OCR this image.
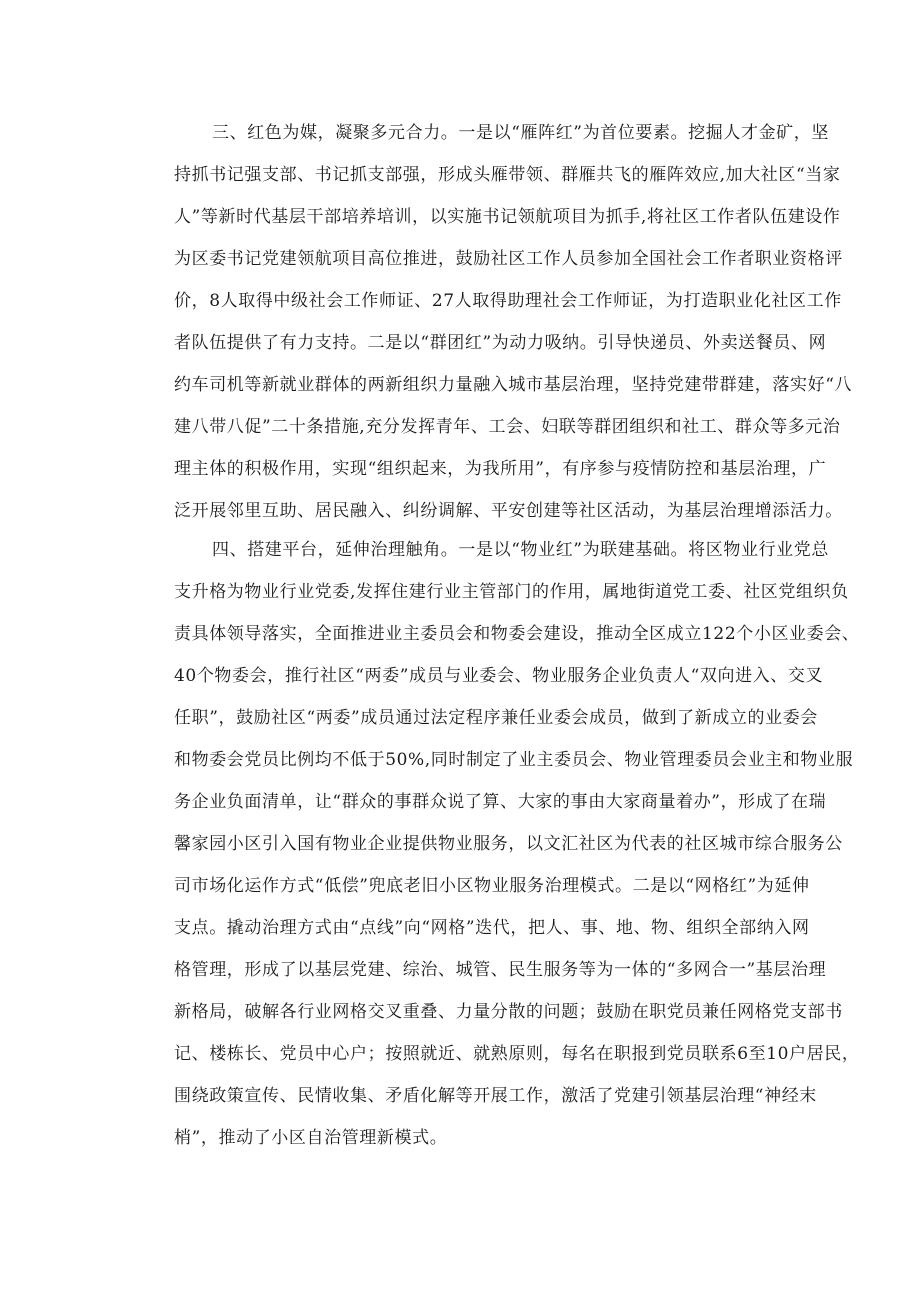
三、红色为媒，凝聚多元合力。一是以“雁阵红”为首位要素。挖掘人才金矿，坚
持抓书记强支部、书记抓支部强，形成头雁带领、群雁共飞的雁阵效应,加大社区“当家
人”等新时代基层干部培养培训，以实施书记领航项目为抓手,将社区工作者队伍建设作
为区委书记党建领航项目高位推进，鼓励社区工作人员参加全国社会工作者职业资格评
价，8人取得中级社会工作师证、27人取得助理社会工作师证，为打造职业化社区工作
者队伍提供了有力支持。二是以“群团红”为动力吸纳。引导快递员、外卖送餐员、网
约车司机等新就业群体的两新组织力量融入城市基层治理，坚持党建带群建，落实好“八
建八带八促”二十条措施,充分发挥青年、工会、妇联等群团组织和社工、群众等多元治
理主体的积极作用，实现“组织起来，为我所用”，有序参与疫情防控和基层治理，广
泛开展邻里互助、居民融入、纠纷调解、平安创建等社区活动，为基层治理增添活力。
四、搭建平台，延伸治理触角。一是以“物业红”为联建基础。将区物业行业党总
支升格为物业行业党委,发挥住建行业主管部门的作用，属地街道党工委、社区党组织负
责具体领导落实，全面推进业主委员会和物委会建设，推动全区成立122个小区业委会、
40个物委会，推行社区“两委”成员与业委会、物业服务企业负责人“双向进入、交叉
任职”，鼓励社区“两委”成员通过法定程序兼任业委会成员，做到了新成立的业委会
和物委会党员比例均不低于50%,同时制定了业主委员会、物业管理委员会业主和物业服
务企业负面清单，让“群众的事群众说了算、大家的事由大家商量着办”，形成了在瑞
馨家园小区引入国有物业企业提供物业服务，以文汇社区为代表的社区城市综合服务公
司市场化运作方式“低偿”兜底老旧小区物业服务治理模式。二是以“网格红”为延伸
支点。撬动治理方式由“点线”向“网格”迭代，把人、事、地、物、组织全部纳入网
格管理，形成了以基层党建、综治、城管、民生服务等为一体的“多网合一”基层治理
新格局，破解各行业网格交叉重叠、力量分散的问题；鼓励在职党员兼任网格党支部书
记、楼栋长、党员中心户；按照就近、就熟原则，每名在职报到党员联系6至10户居民，
围绕政策宣传、民情收集、矛盾化解等开展工作，激活了党建引领基层治理“神经末
梢”，推动了小区自治管理新模式。
